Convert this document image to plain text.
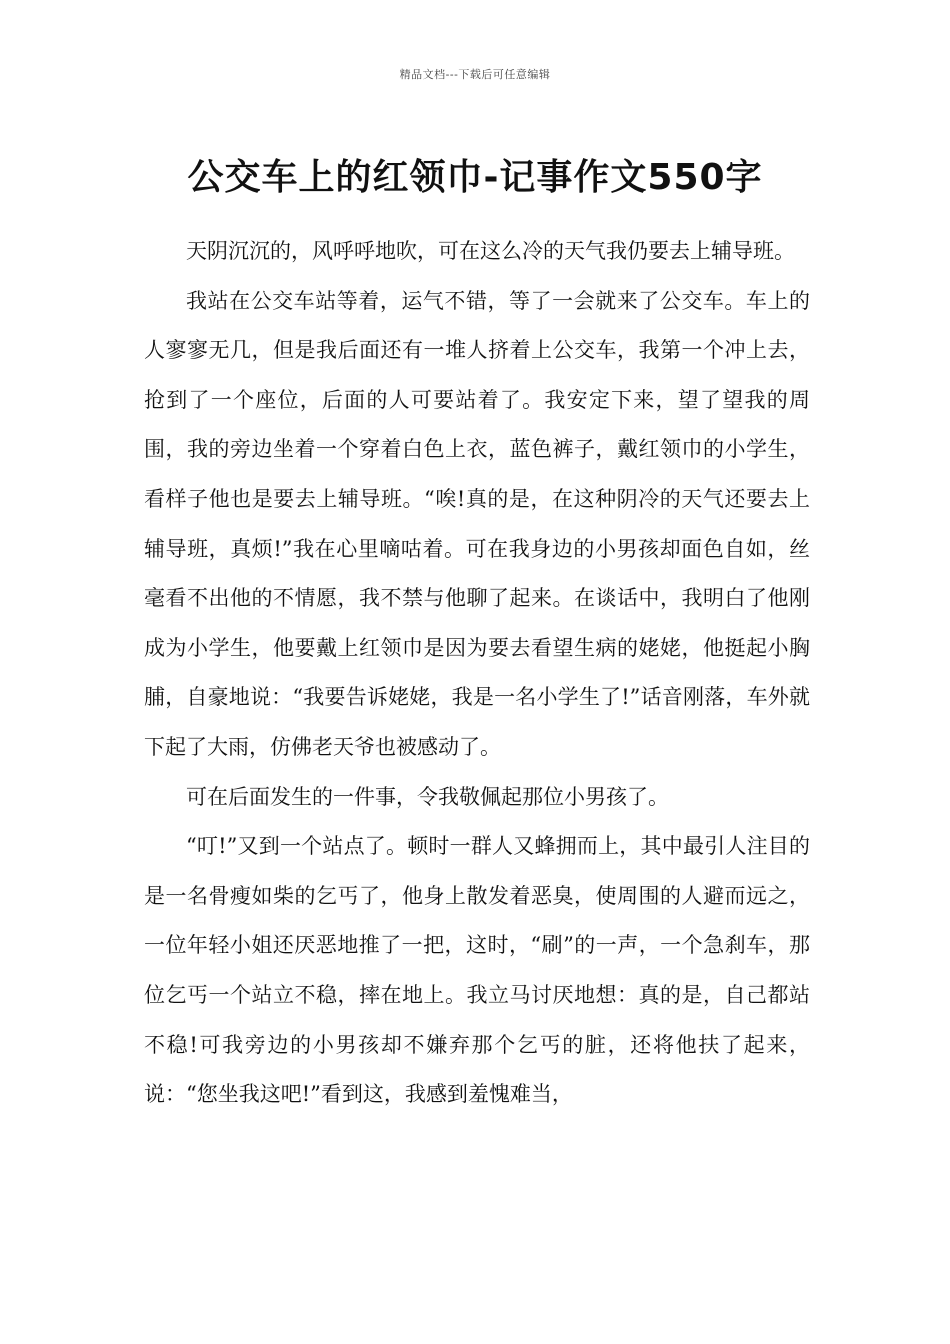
精品文档---下载后可任意编辑
公交车上的红领巾-记事作文550字

天阴沉沉的，风呼呼地吹，可在这么冷的天气我仍要去上辅导班。

我站在公交车站等着，运气不错，等了一会就来了公交车。车上的人寥寥无几，但是我后面还有一堆人挤着上公交车，我第一个冲上去，抢到了一个座位，后面的人可要站着了。我安定下来，望了望我的周围，我的旁边坐着一个穿着白色上衣，蓝色裤子，戴红领巾的小学生，看样子他也是要去上辅导班。“唉!真的是，在这种阴冷的天气还要去上辅导班，真烦!”我在心里嘀咕着。可在我身边的小男孩却面色自如，丝毫看不出他的不情愿，我不禁与他聊了起来。在谈话中，我明白了他刚成为小学生，他要戴上红领巾是因为要去看望生病的姥姥，他挺起小胸脯，自豪地说：“我要告诉姥姥，我是一名小学生了!”话音刚落，车外就下起了大雨，仿佛老天爷也被感动了。

可在后面发生的一件事，令我敬佩起那位小男孩了。

“叮!”又到一个站点了。顿时一群人又蜂拥而上，其中最引人注目的是一名骨瘦如柴的乞丐了，他身上散发着恶臭，使周围的人避而远之，一位年轻小姐还厌恶地推了一把，这时，“刷”的一声，一个急刹车，那位乞丐一个站立不稳，摔在地上。我立马讨厌地想：真的是，自己都站不稳!可我旁边的小男孩却不嫌弃那个乞丐的脏，还将他扶了起来，说：“您坐我这吧!”看到这，我感到羞愧难当，
